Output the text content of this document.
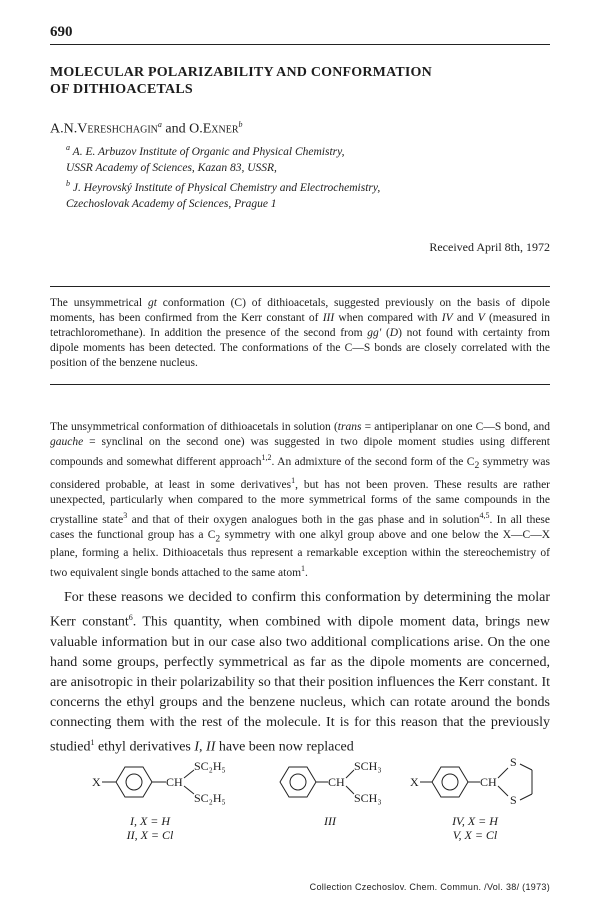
690
MOLECULAR POLARIZABILITY AND CONFORMATION
OF DITHIOACETALS
A.N.Vereshchagin$^a$ and O.Exner$^b$
$^a$ A. E. Arbuzov Institute of Organic and Physical Chemistry,
USSR Academy of Sciences, Kazan 83, USSR,
$^b$ J. Heyrovský Institute of Physical Chemistry and Electrochemistry,
Czechoslovak Academy of Sciences, Prague 1
Received April 8th, 1972

The unsymmetrical gt conformation (C) of dithioacetals, suggested previously on the basis of dipole moments, has been confirmed from the Kerr constant of III when compared with IV and V (measured in tetrachloromethane). In addition the presence of the second from gg' (D) not found with certainty from dipole moments has been detected. The conformations of the C—S bonds are closely correlated with the position of the benzene nucleus.

The unsymmetrical conformation of dithioacetals in solution (trans = antiperiplanar on one C—S bond, and gauche = synclinal on the second one) was suggested in two dipole moment studies using different compounds and somewhat different approach$^{1,2}$. An admixture of the second form of the $C_2$ symmetry was considered probable, at least in some derivatives$^1$, but has not been proven. These results are rather unexpected, particularly when compared to the more symmetrical forms of the same compounds in the crystalline state$^3$ and that of their oxygen analogues both in the gas phase and in solution$^{4,5}$. In all these cases the functional group has a $C_2$ symmetry with one alkyl group above and one below the X—C—X plane, forming a helix. Dithioacetals thus represent a remarkable exception within the stereochemistry of two equivalent single bonds attached to the same atom$^1$.

For these reasons we decided to confirm this conformation by determining the molar Kerr constant$^6$. This quantity, when combined with dipole moment data, brings new valuable information but in our case also two additional complications arise. On the one hand some groups, perfectly symmetrical as far as the dipole moments are concerned, are anisotropic in their polarizability so that their position influences the Kerr constant. It concerns the ethyl groups and the benzene nucleus, which can rotate around the bonds connecting them with the rest of the molecule. It is for this reason that the previously studied$^1$ ethyl derivatives I, II have been now replaced

X	CH
SC₂H₅
SC₂H₅
CH
SCH₃
SCH₃
X	CH
S
S
I, X = H
II, X = Cl
III	IV, X = H
V, X = Cl
Collection Czechoslov. Chem. Commun. /Vol. 38/ (1973)
